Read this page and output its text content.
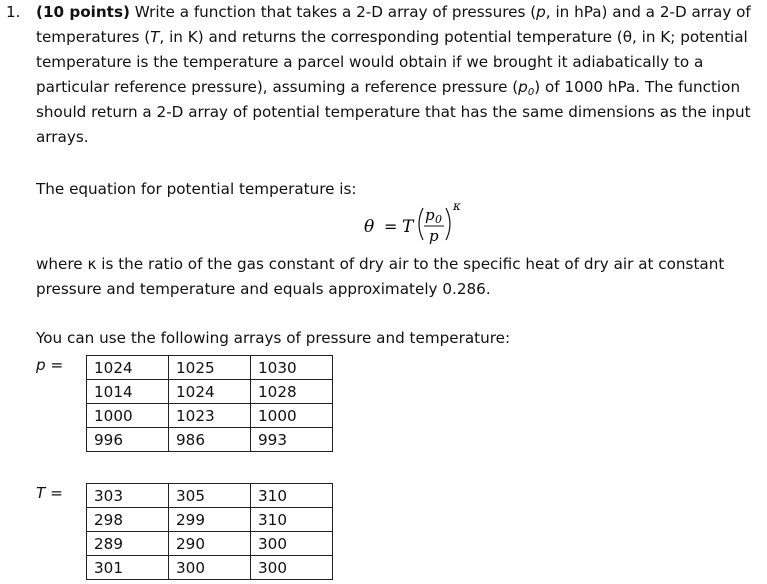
1. (10 points) Write a function that takes a 2-D array of pressures (p, in hPa) and a 2-D array of temperatures (T, in K) and returns the corresponding potential temperature (θ, in K; potential temperature is the temperature a parcel would obtain if we brought it adiabatically to a particular reference pressure), assuming a reference pressure $(p_0)$ of 1000 hPa. The function should return a 2-D array of potential temperature that has the same dimensions as the input arrays.

The equation for potential temperature is:

θ = T
p 0
p
κ

where κ is the ratio of the gas constant of dry air to the specific heat of dry air at constant pressure and temperature and equals approximately 0.286.

You can use the following arrays of pressure and temperature:

p = 1024	1025	1030
1014	1024	1028
1000	1023	1000
996	986	993
T = 303	305	310
298	299	310
289	290	300
301	300	300
